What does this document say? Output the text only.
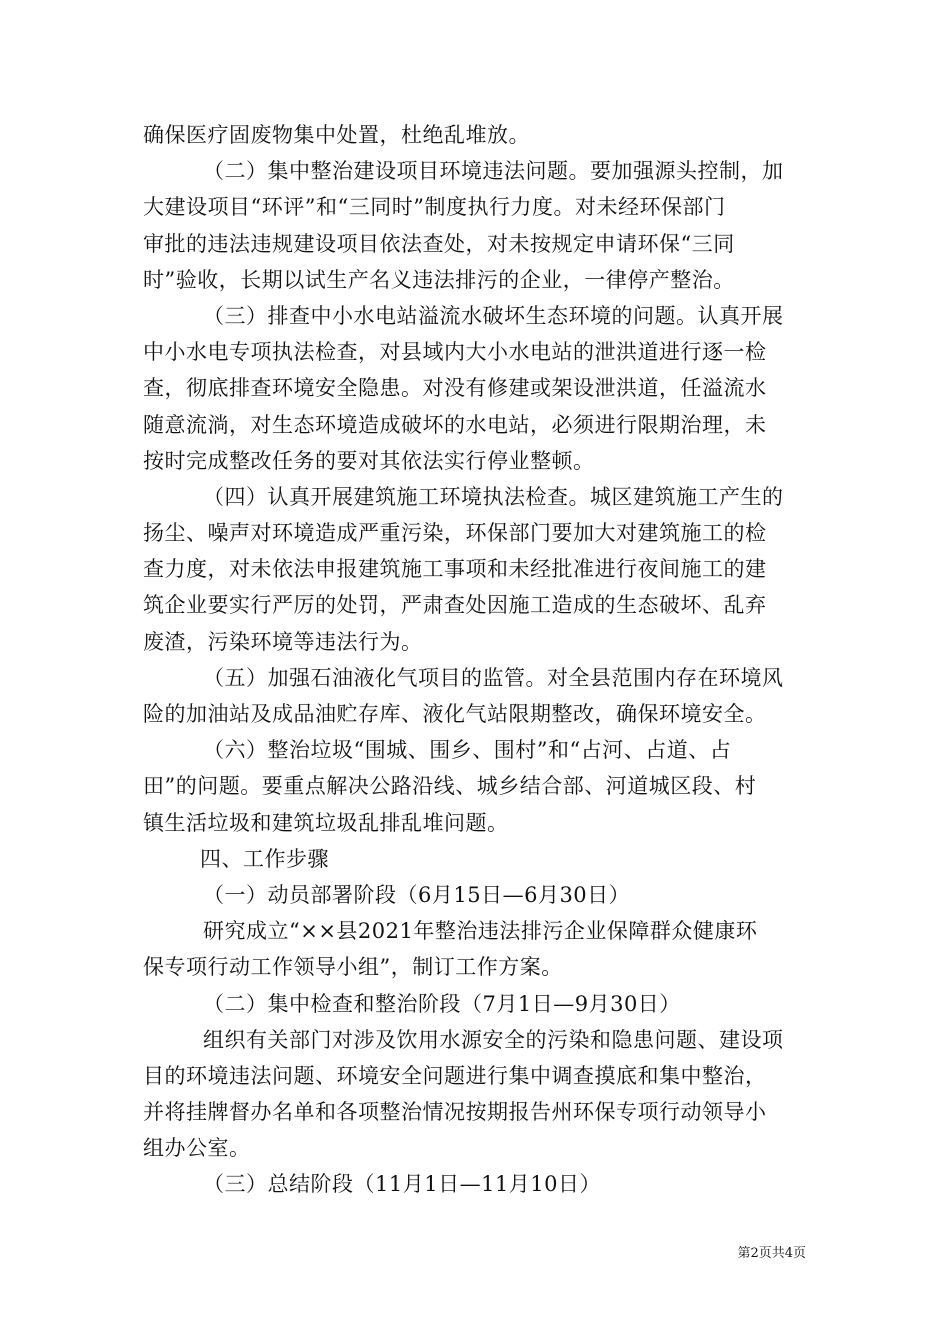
确保医疗固废物集中处置，杜绝乱堆放。
（二）集中整治建设项目环境违法问题。要加强源头控制，加
大建设项目“环评”和“三同时”制度执行力度。对未经环保部门
审批的违法违规建设项目依法查处，对未按规定申请环保“三同
时”验收，长期以试生产名义违法排污的企业，一律停产整治。
（三）排查中小水电站溢流水破坏生态环境的问题。认真开展
中小水电专项执法检查，对县域内大小水电站的泄洪道进行逐一检
查，彻底排查环境安全隐患。对没有修建或架设泄洪道，任溢流水
随意流淌，对生态环境造成破坏的水电站，必须进行限期治理，未
按时完成整改任务的要对其依法实行停业整顿。
（四）认真开展建筑施工环境执法检查。城区建筑施工产生的
扬尘、噪声对环境造成严重污染，环保部门要加大对建筑施工的检
查力度，对未依法申报建筑施工事项和未经批准进行夜间施工的建
筑企业要实行严厉的处罚，严肃查处因施工造成的生态破坏、乱弃
废渣，污染环境等违法行为。
（五）加强石油液化气项目的监管。对全县范围内存在环境风
险的加油站及成品油贮存库、液化气站限期整改，确保环境安全。
（六）整治垃圾“围城、围乡、围村”和“占河、占道、占
田”的问题。要重点解决公路沿线、城乡结合部、河道城区段、村
镇生活垃圾和建筑垃圾乱排乱堆问题。
四、工作步骤
（一）动员部署阶段（6月15日—6月30日）
研究成立“××县2021年整治违法排污企业保障群众健康环
保专项行动工作领导小组”，制订工作方案。
（二）集中检查和整治阶段（7月1日—9月30日）
组织有关部门对涉及饮用水源安全的污染和隐患问题、建设项
目的环境违法问题、环境安全问题进行集中调查摸底和集中整治，
并将挂牌督办名单和各项整治情况按期报告州环保专项行动领导小
组办公室。
（三）总结阶段（11月1日—11月10日）
第2页共4页
